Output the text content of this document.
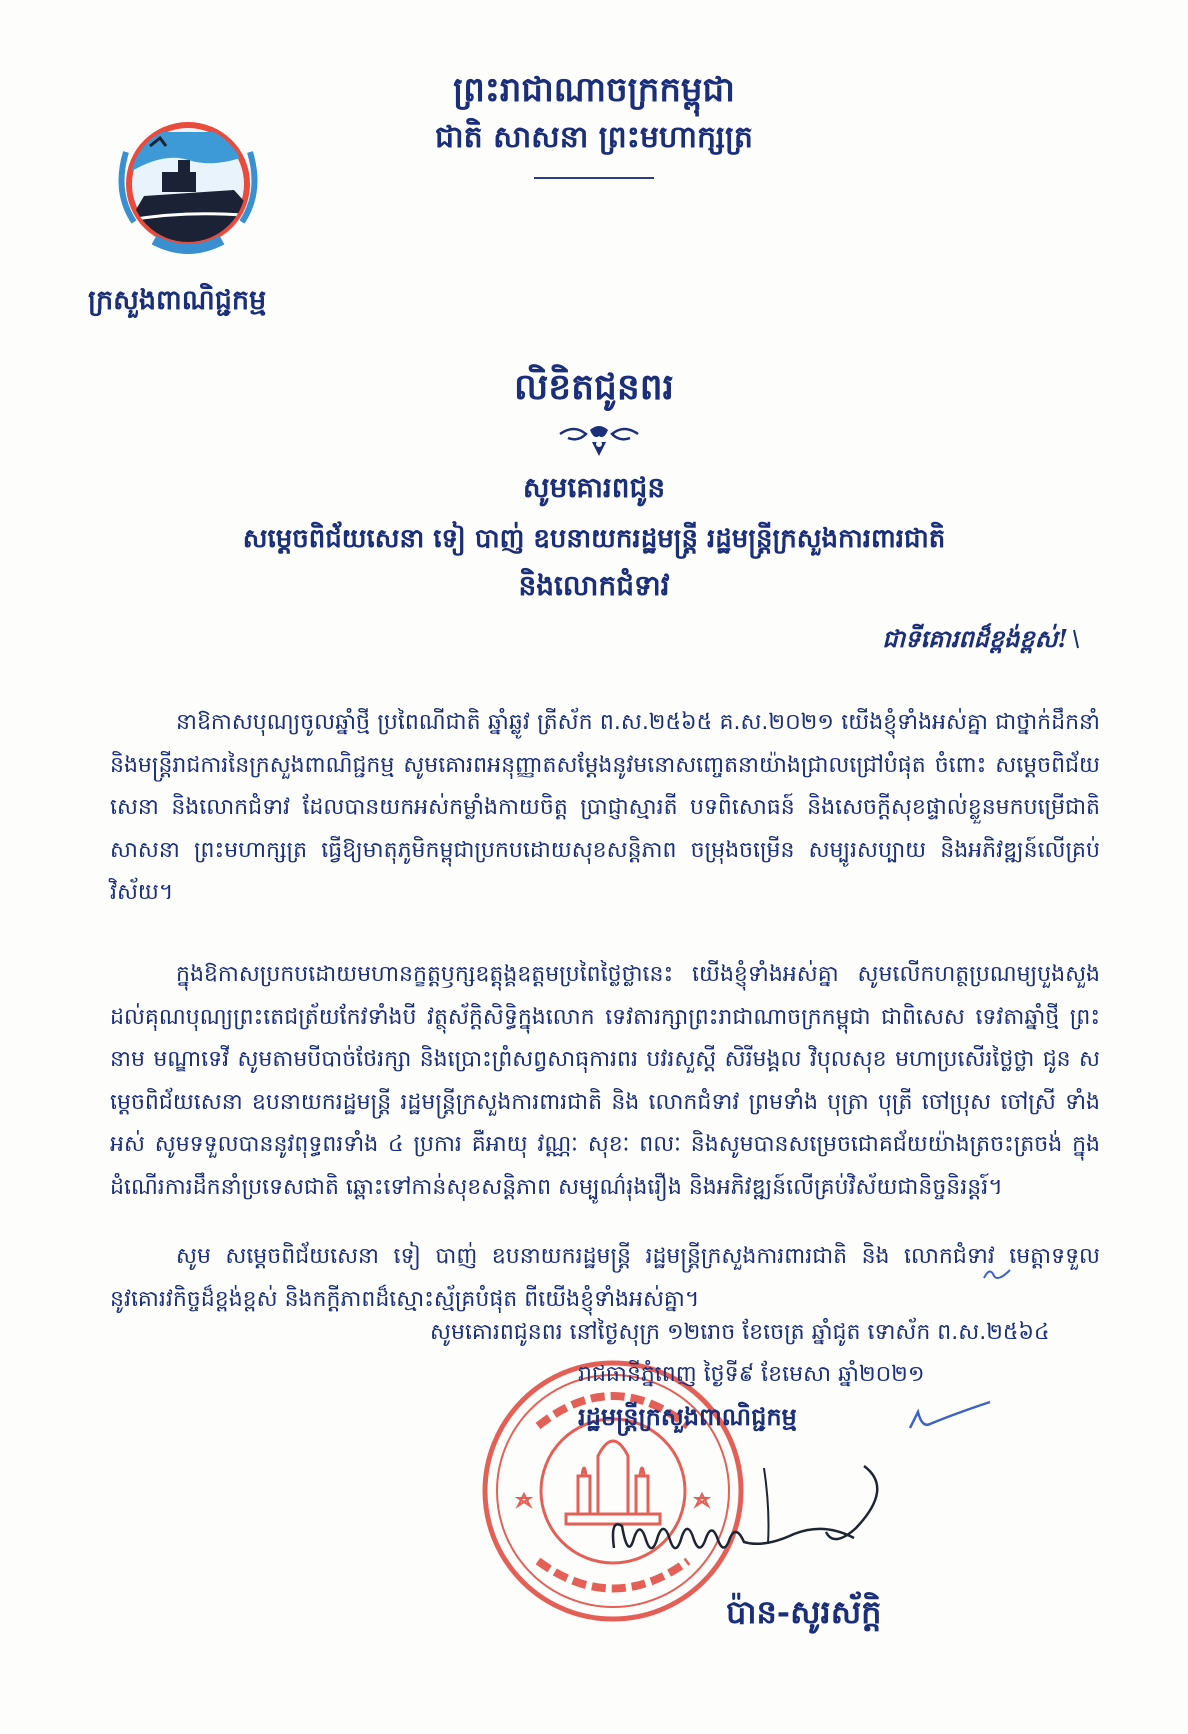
ក្រសួងពាណិជ្ជកម្ម
ព្រះរាជាណាចក្រកម្ពុជា
ជាតិ សាសនា ព្រះមហាក្សត្រ
លិខិតជូនពរ
សូមគោរពជូន
សម្តេចពិជ័យសេនា ទៀ បាញ់ ឧបនាយករដ្ឋមន្ត្រី រដ្ឋមន្ត្រីក្រសួងការពារជាតិ
និងលោកជំទាវ
ជាទីគោរពដ៏ខ្ពង់ខ្ពស់!

នាឱកាសបុណ្យចូលឆ្នាំថ្មី ប្រពៃណីជាតិ ឆ្នាំឆ្លូវ ត្រីស័ក ព.ស.២៥៦៥ គ.ស.២០២១ យើងខ្ញុំទាំងអស់គ្នា ជាថ្នាក់ដឹកនាំ និងមន្ត្រីរាជការនៃក្រសួងពាណិជ្ជកម្ម សូមគោរពអនុញ្ញាតសម្តែងនូវមនោសញ្ចេតនាយ៉ាងជ្រាលជ្រៅបំផុត ចំពោះ សម្តេចពិជ័យសេនា និងលោកជំទាវ ដែលបានយកអស់កម្លាំងកាយចិត្ត ប្រាជ្ញាស្មារតី បទពិសោធន៍ និងសេចក្តីសុខផ្ទាល់ខ្លួនមកបម្រើជាតិ សាសនា ព្រះមហាក្សត្រ ធ្វើឱ្យមាតុភូមិកម្ពុជាប្រកបដោយសុខសន្តិភាព ចម្រុងចម្រើន សម្បូរសប្បាយ និងអភិវឌ្ឍន៍លើគ្រប់វិស័យ។

ក្នុងឱកាសប្រកបដោយមហានក្ខត្តឫក្សឧត្តុង្គឧត្តមប្រពៃថ្លៃថ្លានេះ យើងខ្ញុំទាំងអស់គ្នា សូមលើកហត្ថប្រណម្យបួងសួងដល់គុណបុណ្យព្រះតេជត្រ័យកែវទាំងបី វត្ថុស័ក្តិសិទ្ធិក្នុងលោក ទេវតារក្សាព្រះរាជាណាចក្រកម្ពុជា ជាពិសេស ទេវតាឆ្នាំថ្មី ព្រះនាម មណ្ឌាទេវី សូមតាមបីបាច់ថែរក្សា និងប្រោះព្រំសព្វសាធុការពរ បវរសួស្តី សិរីមង្គល វិបុលសុខ មហាប្រសើរថ្លៃថ្លា ជូន សម្តេចពិជ័យសេនា ឧបនាយករដ្ឋមន្ត្រី រដ្ឋមន្ត្រីក្រសួងការពារជាតិ និង លោកជំទាវ ព្រមទាំង បុត្រា បុត្រី ចៅប្រុស ចៅស្រី ទាំងអស់ សូមទទួលបាននូវពុទ្ធពរទាំង ៤ ប្រការ គឺអាយុ វណ្ណៈ សុខៈ ពលៈ និងសូមបានសម្រេចជោគជ័យយ៉ាងត្រចះត្រចង់ ក្នុងដំណើរការដឹកនាំប្រទេសជាតិ ឆ្ពោះទៅកាន់សុខសន្តិភាព សម្បូណ៌រុងរឿង និងអភិវឌ្ឍន៍លើគ្រប់វិស័យជានិច្ចនិរន្តរ៍។

សូម សម្តេចពិជ័យសេនា ទៀ បាញ់ ឧបនាយករដ្ឋមន្ត្រី រដ្ឋមន្ត្រីក្រសួងការពារជាតិ និង លោកជំទាវ មេត្តាទទួលនូវគោរវកិច្ចដ៏ខ្ពង់ខ្ពស់ និងកក្តីភាពដ៏ស្មោះស្ម័គ្របំផុត ពីយើងខ្ញុំទាំងអស់គ្នា។

សូមគោរពជូនពរ នៅថ្ងៃសុក្រ ១២រោច ខែចេត្រ ឆ្នាំជូត ទោស័ក ព.ស.២៥៦៤
រាជធានីភ្នំពេញ ថ្ងៃទី៩ ខែមេសា ឆ្នាំ២០២១
រដ្ឋមន្ត្រីក្រសួងពាណិជ្ជកម្ម
ប៉ាន-សូរស័ក្តិ
